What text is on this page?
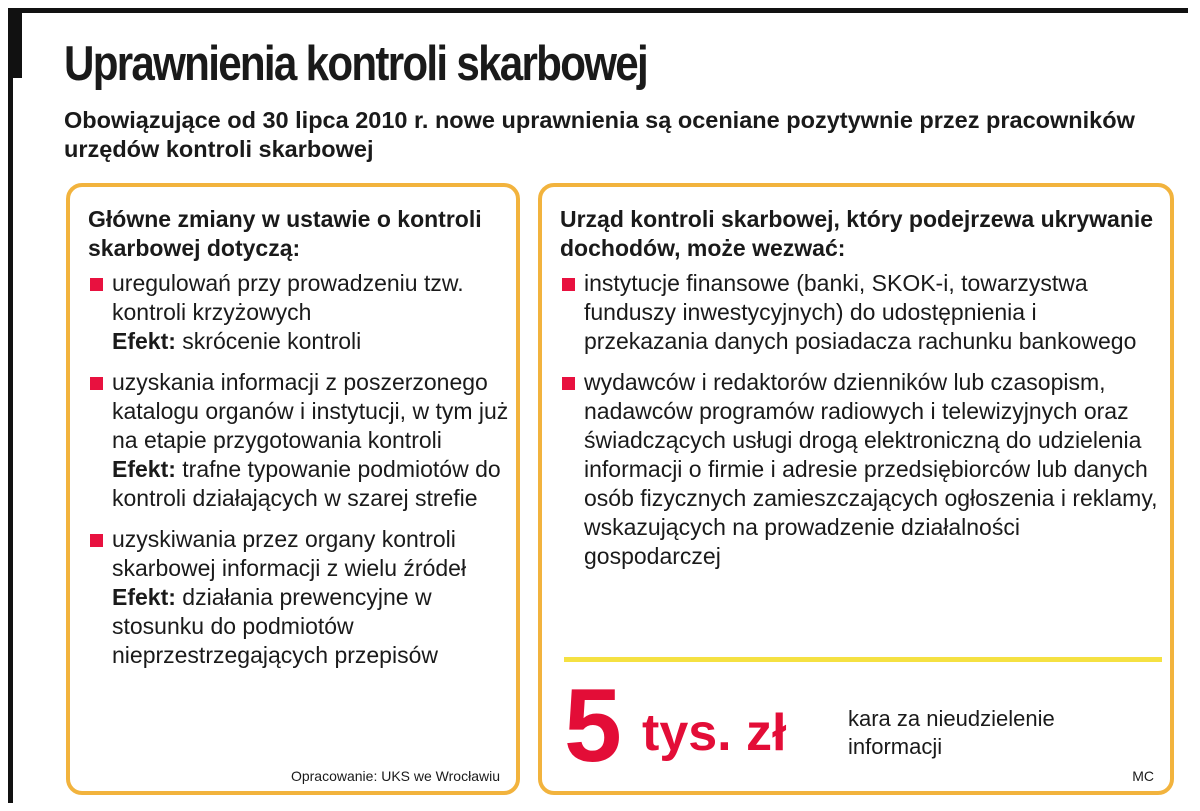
Uprawnienia kontroli skarbowej

Obowiązujące od 30 lipca 2010 r. nowe uprawnienia są oceniane pozytywnie przez pracowników urzędów kontroli skarbowej

Główne zmiany w ustawie o kontroli skarbowej dotyczą:
uregulowań przy prowadzeniu tzw. kontroli krzyżowych
Efekt: skrócenie kontroli
uzyskania informacji z poszerzonego katalogu organów i instytucji, w tym już na etapie przygotowania kontroli
Efekt: trafne typowanie podmiotów do kontroli działających w szarej strefie
uzyskiwania przez organy kontroli skarbowej informacji z wielu źródeł
Efekt: działania prewencyjne w stosunku do podmiotów nieprzestrzegających przepisów

Opracowanie: UKS we Wrocławiu

Urząd kontroli skarbowej, który podejrzewa ukrywanie dochodów, może wezwać:
instytucje finansowe (banki, SKOK-i, towarzystwa funduszy inwestycyjnych) do udostępnienia i przekazania danych posiadacza rachunku bankowego
wydawców i redaktorów dzienników lub czasopism, nadawców programów radiowych i telewizyjnych oraz świadczących usługi drogą elektroniczną do udzielenia informacji o firmie i adresie przedsiębiorców lub danych osób fizycznych zamieszczających ogłoszenia i reklamy, wskazujących na prowadzenie działalności gospodarczej

5 tys. zł	kara za nieudzielenie informacji

MC
